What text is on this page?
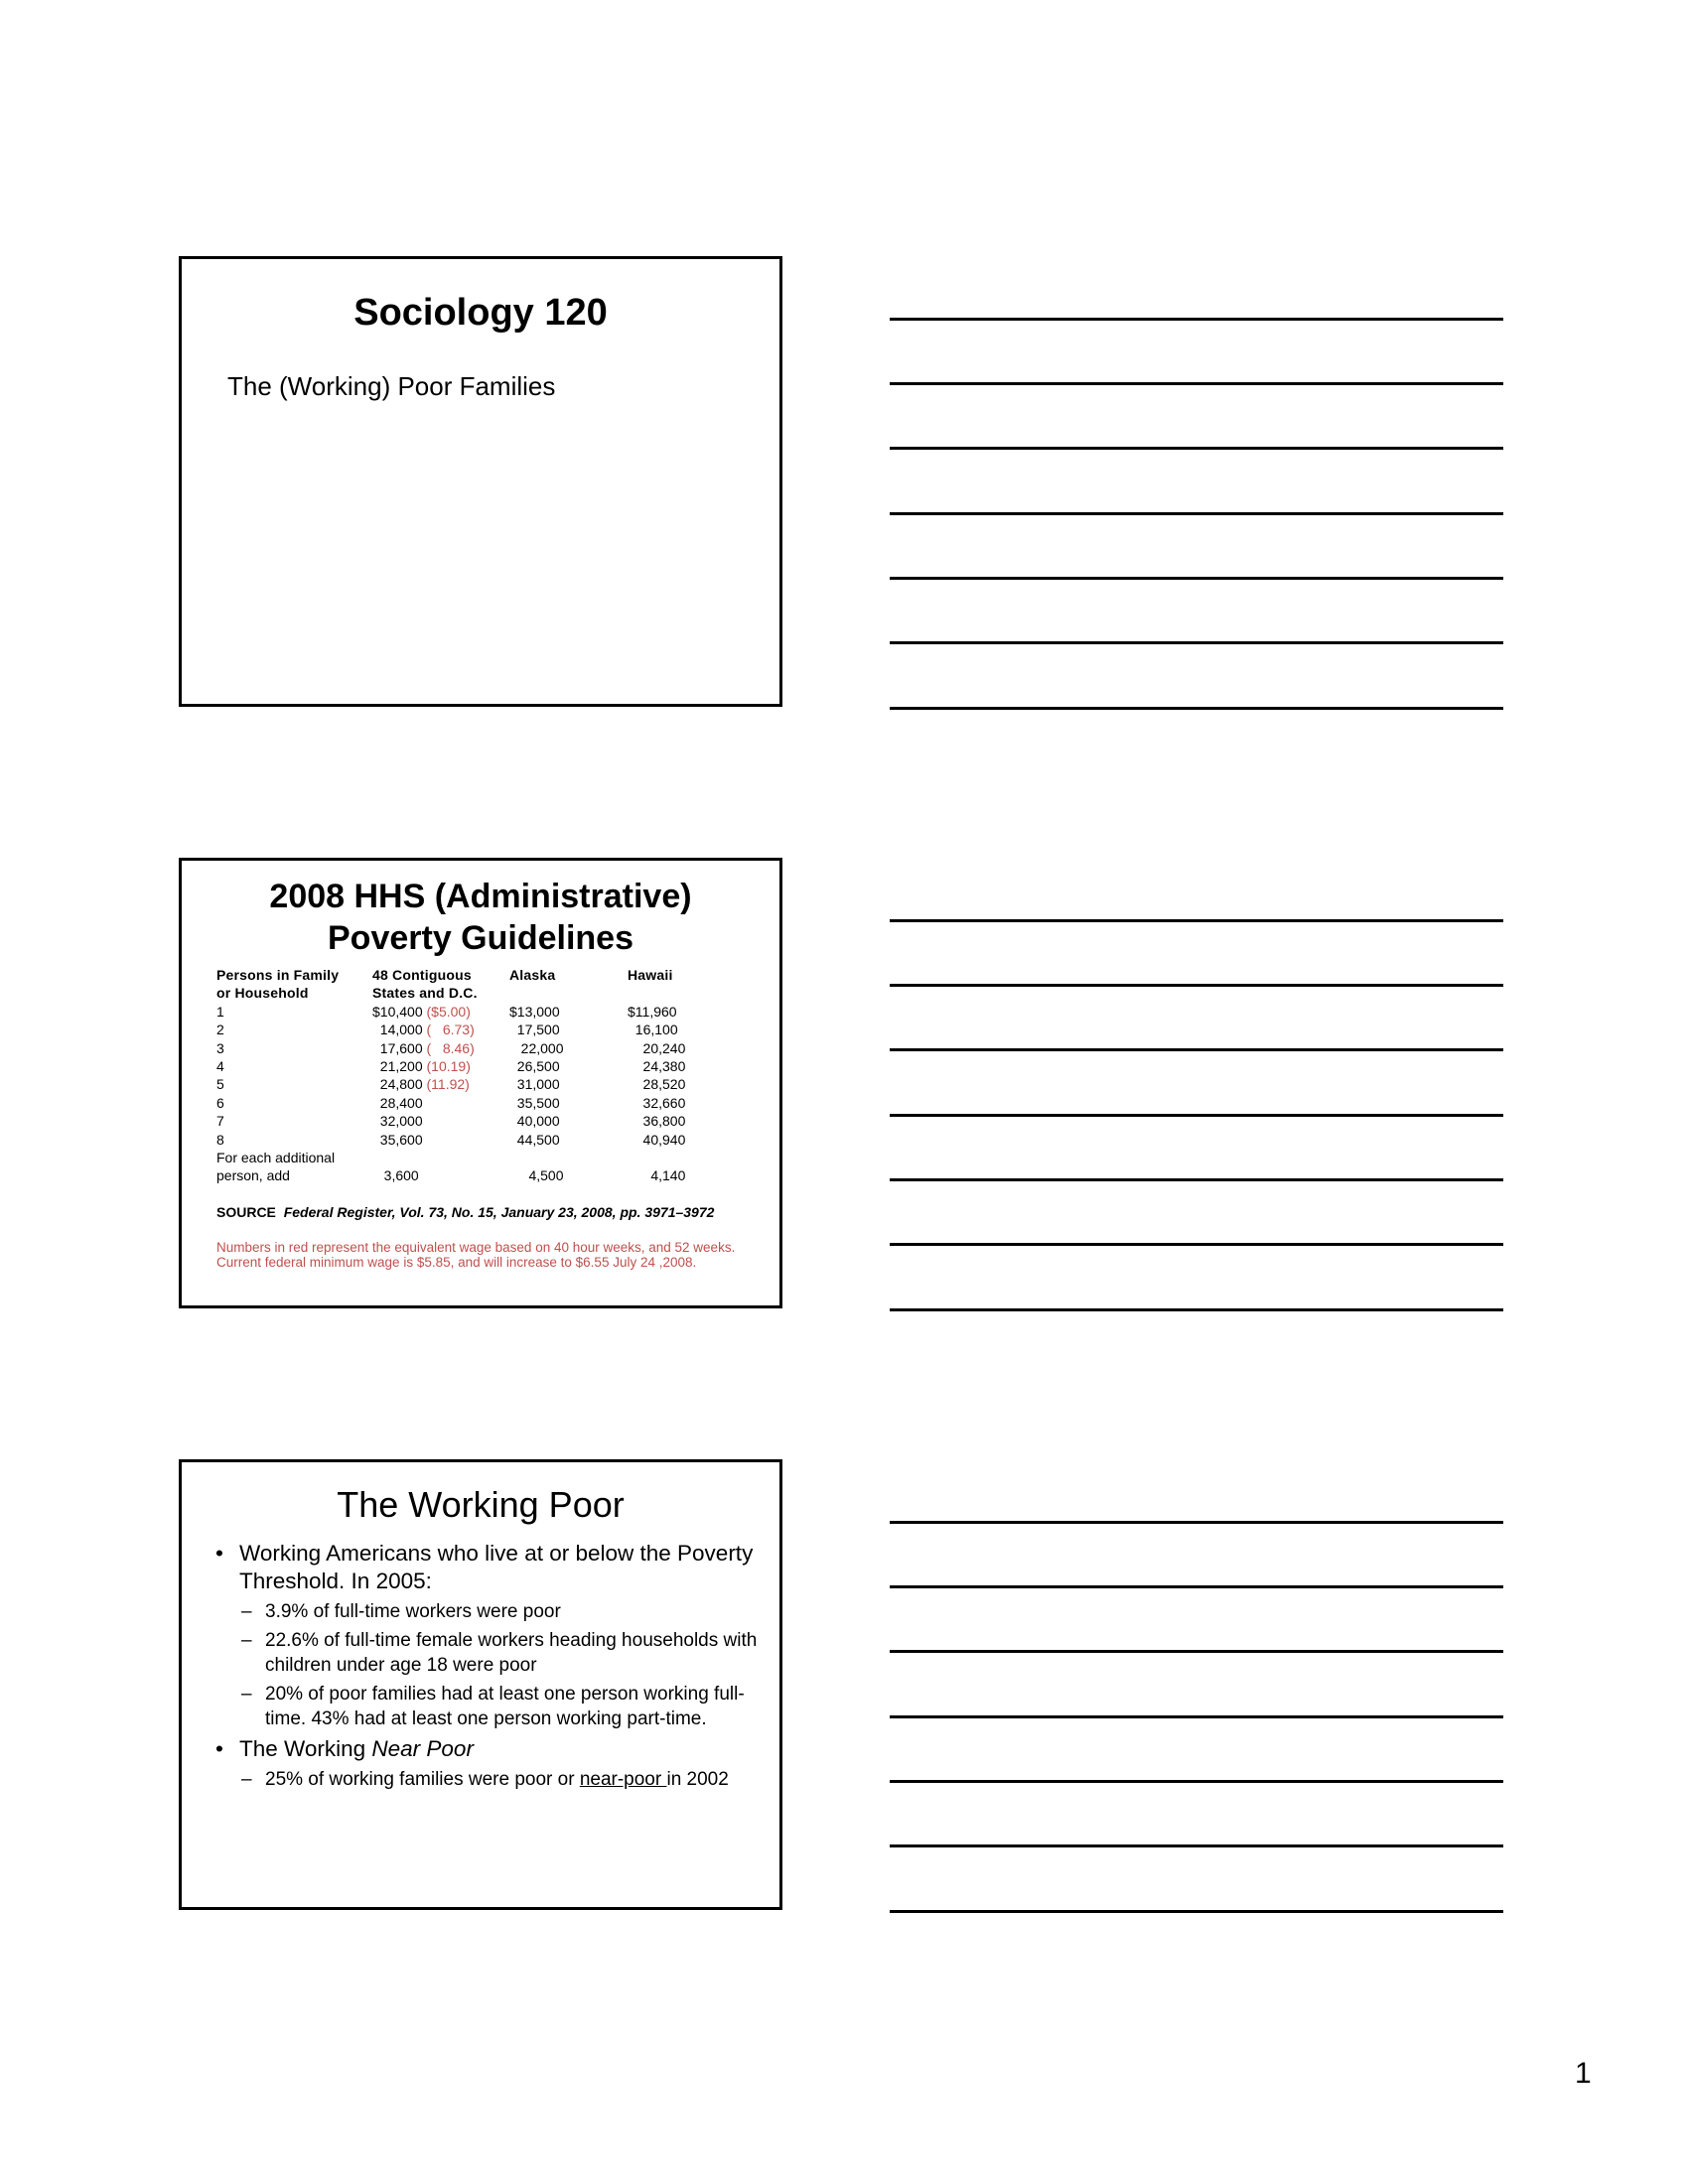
Sociology 120
The (Working) Poor Families
2008 HHS (Administrative)
Poverty Guidelines
Persons in Family	48 Contiguous	Alaska	Hawaii
or Household	States and D.C.		
1	$10,400 ($5.00)	$13,000	$11,960
2	14,000 (   6.73)	17,500	16,100
3	17,600 (   8.46)	22,000	20,240
4	21,200 (10.19)	26,500	24,380
5	24,800 (11.92)	31,000	28,520
6	28,400	35,500	32,660
7	32,000	40,000	36,800
8	35,600	44,500	40,940
For each additional			
person, add	3,600	4,500	4,140
SOURCE Federal Register, Vol. 73, No. 15, January 23, 2008, pp. 3971–3972
Numbers in red represent the equivalent wage based on 40 hour weeks, and 52 weeks. Current federal minimum wage is $5.85, and will increase to $6.55 July 24 ,2008.
The Working Poor
• Working Americans who live at or below the Poverty Threshold. In 2005:
– 3.9% of full-time workers were poor
– 22.6% of full-time female workers heading households with children under age 18 were poor
– 20% of poor families had at least one person working full-time. 43% had at least one person working part-time.
• The Working Near Poor
– 25% of working families were poor or near-poor in 2002
1
